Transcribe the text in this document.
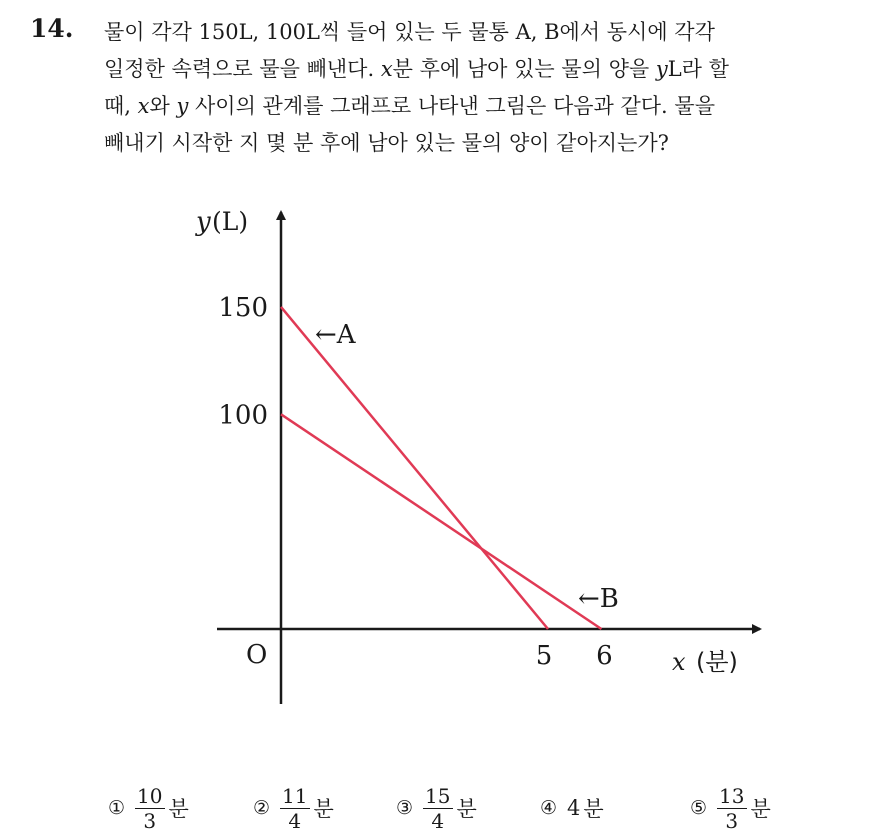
14. 물이 각각 150L, 100L씩 들어 있는 두 물통 A, B에서 동시에 각각

일정한 속력으로 물을 빼낸다. x분 후에 남아 있는 물의 양을 yL라 할

때, x와 y 사이의 관계를 그래프로 나타낸 그림은 다음과 같다. 물을

빼내기 시작한 지 몇 분 후에 남아 있는 물의 양이 같아지는가?

y (L)
150
100
O	5 6 x (분)
←A
←B
① $\frac{10}{3}$ 분	② $\frac{11}{4}$ 분	③ $\frac{15}{4}$ 분	④ 4 분	⑤ $\frac{13}{3}$ 분
